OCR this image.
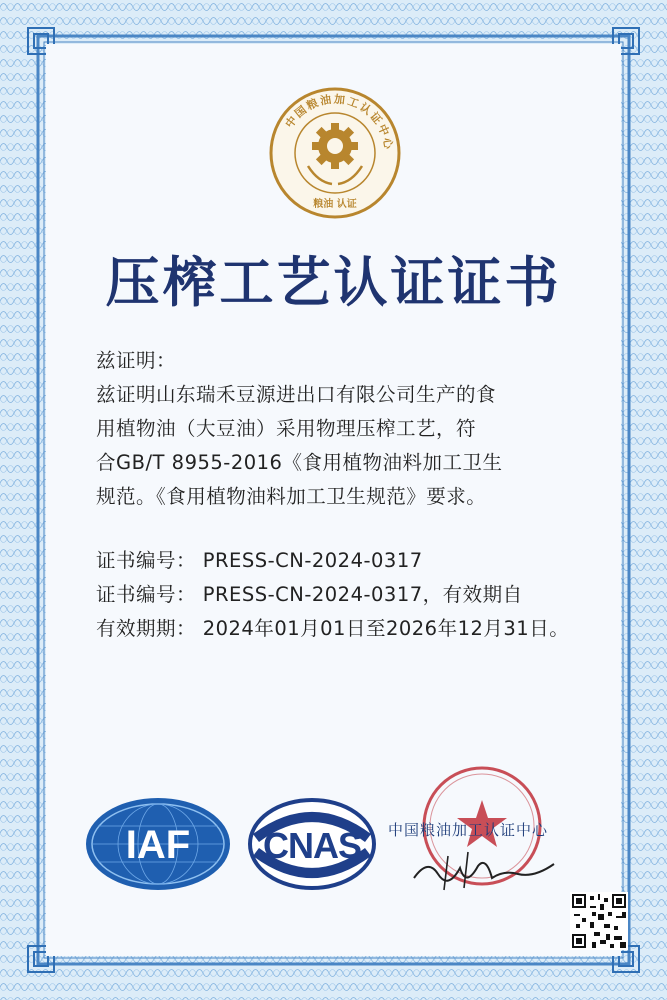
中国粮油加工认证中心
粮油 认证
压榨工艺认证证书
兹证明：
兹证明山东瑞禾豆源进出口有限公司生产的食
用植物油（大豆油）采用物理压榨工艺，符
合GB/T 8955-2016《食用植物油料加工卫生
规范。《食用植物油料加工卫生规范》要求。
证书编号： PRESS-CN-2024-0317
证书编号： PRESS-CN-2024-0317，有效期自
有效期期： 2024年01月01日至2026年12月31日。
IAF CNAS 中国粮油加工认证中心
